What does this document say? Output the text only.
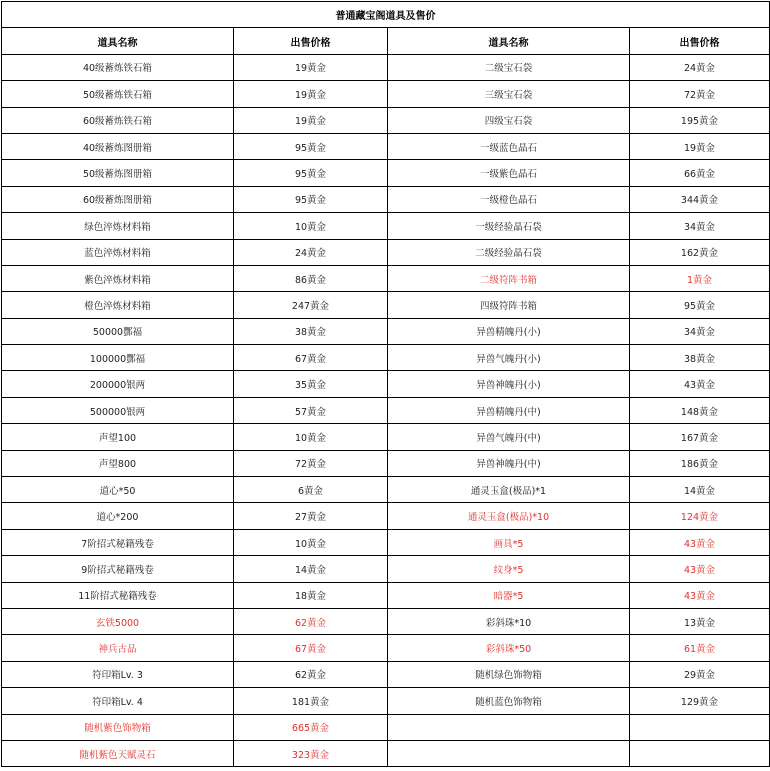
普通藏宝阁道具及售价			
道具名称	出售价格	道具名称	出售价格
40级蓄炼铁石箱	19黄金	二级宝石袋	24黄金
50级蓄炼铁石箱	19黄金	三级宝石袋	72黄金
60级蓄炼铁石箱	19黄金	四级宝石袋	195黄金
40级蓄炼图册箱	95黄金	一级蓝色晶石	19黄金
50级蓄炼图册箱	95黄金	一级紫色晶石	66黄金
60级蓄炼图册箱	95黄金	一级橙色晶石	344黄金
绿色淬炼材料箱	10黄金	一级经验晶石袋	34黄金
蓝色淬炼材料箱	24黄金	二级经验晶石袋	162黄金
紫色淬炼材料箱	86黄金	二级符阵书箱	1黄金
橙色淬炼材料箱	247黄金	四级符阵书箱	95黄金
50000酆福	38黄金	异兽精魄丹(小)	34黄金
100000酆福	67黄金	异兽气魄丹(小)	38黄金
200000银两	35黄金	异兽神魄丹(小)	43黄金
500000银两	57黄金	异兽精魄丹(中)	148黄金
声望100	10黄金	异兽气魄丹(中)	167黄金
声望800	72黄金	异兽神魄丹(中)	186黄金
道心*50	6黄金	通灵玉盒(极品)*1	14黄金
道心*200	27黄金	通灵玉盒(极品)*10	124黄金
7阶招式秘籍残卷	10黄金	画具*5	43黄金
9阶招式秘籍残卷	14黄金	纹身*5	43黄金
11阶招式秘籍残卷	18黄金	暗器*5	43黄金
玄铁5000	62黄金	彩斜珠*10	13黄金
神兵古品	67黄金	彩斜珠*50	61黄金
符印箱Lv. 3	62黄金	随机绿色饰物箱	29黄金
符印箱Lv. 4	181黄金	随机蓝色饰物箱	129黄金
随机紫色饰物箱	665黄金		
随机紫色天赋灵石	323黄金		
